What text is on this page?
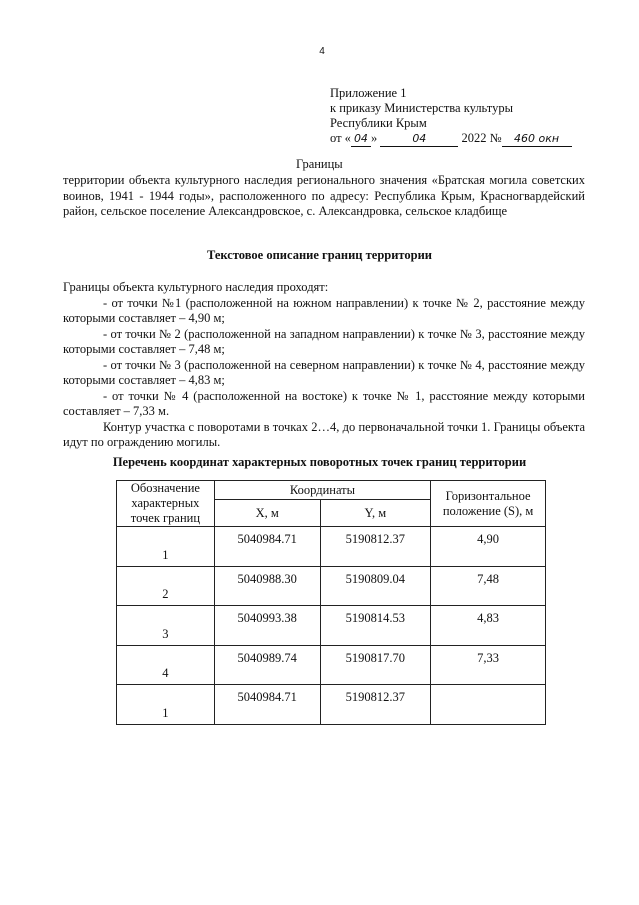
4
Приложение 1
к приказу Министерства культуры
Республики Крым
от « 04 »	04	2022 № 460 окн
Границы

территории объекта культурного наследия регионального значения «Братская могила советских воинов, 1941 - 1944 годы», расположенного по адресу: Республика Крым, Красногвардейский район, сельское поселение Александровское, с. Александровка, сельское кладбище

Текстовое описание границ территории

Границы объекта культурного наследия проходят:

- от точки №1 (расположенной на южном направлении) к точке № 2, расстояние между которыми составляет – 4,90 м;

- от точки № 2 (расположенной на западном направлении) к точке № 3, расстояние между которыми составляет – 7,48 м;

- от точки № 3 (расположенной на северном направлении) к точке № 4, расстояние между которыми составляет – 4,83 м;

- от точки № 4 (расположенной на востоке) к точке № 1, расстояние между которыми составляет – 7,33 м.

Контур участка с поворотами в точках 2…4, до первоначальной точки 1. Границы объекта идут по ограждению могилы.

Перечень координат характерных поворотных точек границ территории
Обозначение характерных точек границ	Координаты		Горизонтальное положение (S), м
	X, м	Y, м	
1	5040984.71	5190812.37	4,90
2	5040988.30	5190809.04	7,48
3	5040993.38	5190814.53	4,83
4	5040989.74	5190817.70	7,33
1	5040984.71	5190812.37	
